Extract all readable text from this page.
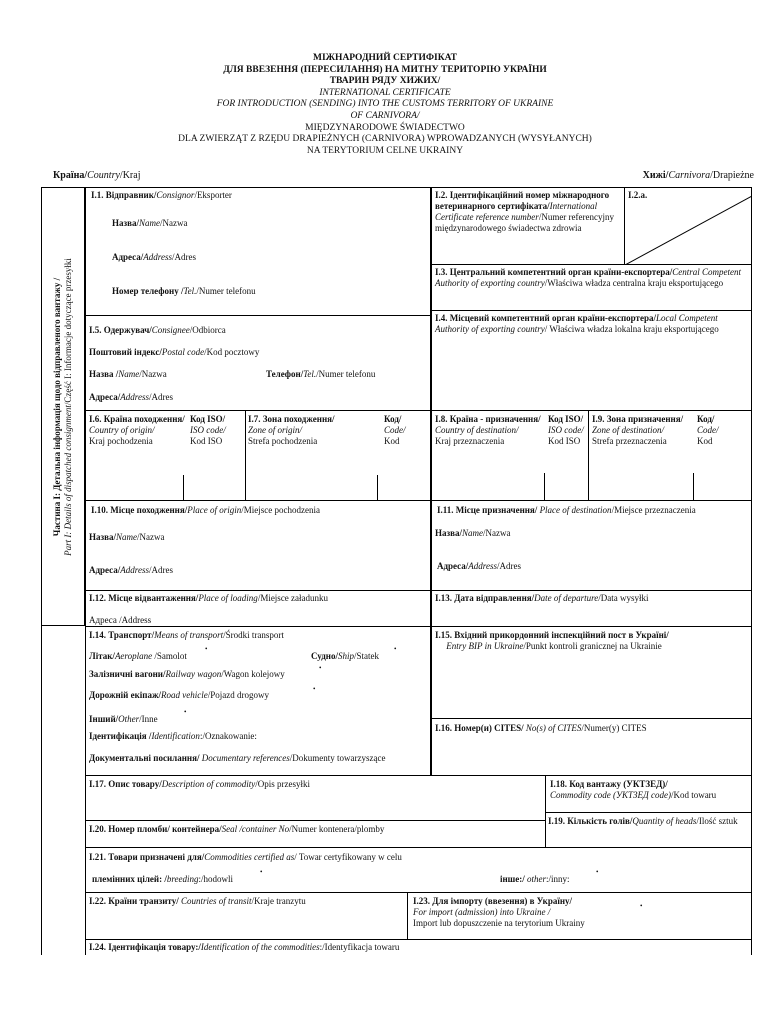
МІЖНАРОДНИЙ СЕРТИФІКАТ
ДЛЯ ВВЕЗЕННЯ (ПЕРЕСИЛАННЯ) НА МИТНУ ТЕРИТОРІЮ УКРАЇНИ
ТВАРИН РЯДУ ХИЖИХ/
INTERNATIONAL CERTIFICATE
FOR INTRODUCTION (SENDING) INTO THE CUSTOMS TERRITORY OF UKRAINE
OF CARNIVORA/
MIĘDZYNARODOWE ŚWIADECTWO
DLA ZWIERZĄT Z RZĘDU DRAPIEŻNYCH (CARNIVORA) WPROWADZANYCH (WYSYŁANYCH)
NA TERYTORIUM CELNE UKRAINY
Країна/Country/Kraj	Хижі/Carnivora/Drapieżne
Частина I: Детальна інформація щодо відправленого вантажу /
Part I: Details of dispatched consignment/Część I: Informacje dotyczące przesyłki
I.1. Відправник/Consignor/Eksporter
Назва/Name/Nazwa
Адреса/Address/Adres
Номер телефону /Tel./Numer telefonu
I.2. Ідентифікаційний номер міжнародного ветеринарного сертифіката/International Certificate reference number/Numer referencyjny międzynarodowego świadectwa zdrowia
I.2.a.
I.3. Центральний компетентний орган країни-експортера/Central Competent Authority of exporting country/Właściwa władza centralna kraju eksportującego
I.4. Місцевий компетентний орган країни-експортера/Local Competent Authority of exporting country/ Właściwa władza lokalna kraju eksportującego
I.5. Одержувач/Consignee/Odbiorca
Поштовий індекс/Postal code/Kod pocztowy
Назва /Name/Nazwa	Телефон/Tel./Numer telefonu
Адреса/Address/Adres
I.6. Країна походження/
Country of origin/
Kraj pochodzenia
Код ISO/
ISO code/
Kod ISO
I.7. Зона походження/
Zone of origin/
Strefa pochodzenia
Код/
Code/
Kod
I.8. Країна - призначення/
Country of destination/
Kraj przeznaczenia
Код ISO/
ISO code/
Kod ISO
I.9. Зона призначення/
Zone of destination/
Strefa przeznaczenia
Код/
Code/
Kod
I.10. Місце походження/Place of origin/Miejsce pochodzenia
Назва/Name/Nazwa
Адреса/Address/Adres
I.11. Місце призначення/ Place of destination/Miejsce przeznaczenia
Назва/Name/Nazwa
Адреса/Address/Adres
I.12. Місце відвантаження/Place of loading/Miejsce załadunku
Адреса /Address
I.13. Дата відправлення/Date of departure/Data wysyłki
I.14. Транспорт/Means of transport/Środki transport
Літак/Aeroplane /Samolot
•
Судно/Ship/Statek
•
Залізничні вагони/Railway wagon/Wagon kolejowy
•
Дорожній екіпаж/Road vehicle/Pojazd drogowy
•
Інший/Other/Inne
•
Ідентифікація /Identification:/Oznakowanie:
Документальні посилання/ Documentary references/Dokumenty towarzyszące
I.15. Вхідний прикордонний інспекційний пост в Україні/
Entry BIP in Ukraine/Punkt kontroli granicznej na Ukrainie
I.16. Номер(и) CITES/ No(s) of CITES/Numer(y) CITES
I.17. Опис товару/Description of commodity/Opis przesyłki	I.18. Код вантажу (УКТЗЕД)/
Commodity code (УКТЗЕД code)/Kod towaru
I.19. Кількість голів/Quantity of heads/Ilość sztuk
I.20. Номер пломби/ контейнера/Seal /container No/Numer kontenera/plomby
I.21. Товари призначені для/Commodities certified as/ Towar certyfikowany w celu
племінних цілей: /breeding:/hodowli
•
інше:/ other:/inny:
•
I.22. Країни транзиту/ Countries of transit/Kraje tranzytu	I.23. Для імпорту (ввезення) в Україну/
For import (admission) into Ukraine /
Import lub dopuszczenie na terytorium Ukrainy
•
I.24. Ідентифікація товару:/Identification of the commodities:/Identyfikacja towaru
